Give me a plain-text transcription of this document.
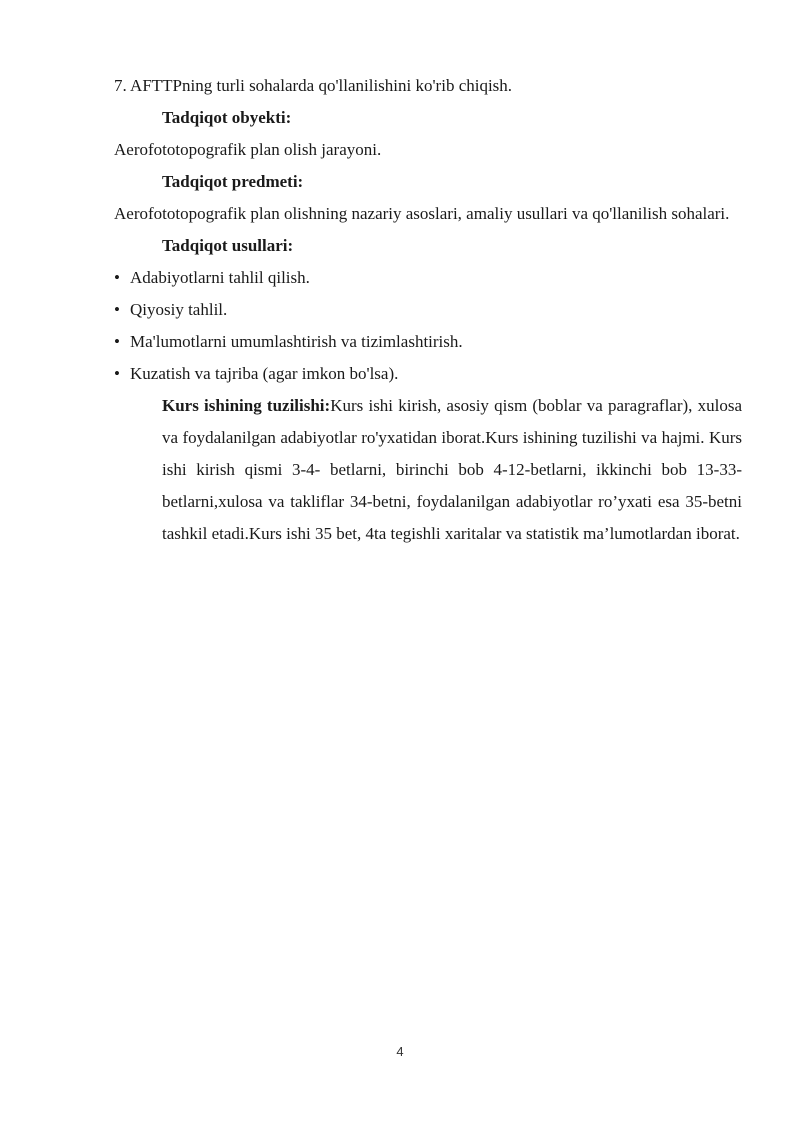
7. AFTTPning turli sohalarda qo'llanilishini ko'rib chiqish.

Tadqiqot obyekti:

Aerofototopografik plan olish jarayoni.

Tadqiqot predmeti:

Aerofototopografik plan olishning nazariy asoslari, amaliy usullari va qo'llanilish sohalari.

Tadqiqot usullari:

• Adabiyotlarni tahlil qilish.
• Qiyosiy tahlil.
• Ma'lumotlarni umumlashtirish va tizimlashtirish.
• Kuzatish va tajriba (agar imkon bo'lsa).

Kurs ishining tuzilishi:Kurs ishi kirish, asosiy qism (boblar va paragraflar), xulosa va foydalanilgan adabiyotlar ro'yxatidan iborat.Kurs ishining tuzilishi va hajmi. Kurs ishi kirish qismi 3-4- betlarni, birinchi bob 4-12-betlarni, ikkinchi bob 13-33-betlarni,xulosa va takliflar 34-betni, foydalanilgan adabiyotlar ro’yxati esa 35-betni tashkil etadi.Kurs ishi 35 bet, 4ta tegishli xaritalar va statistik ma’lumotlardan iborat.

4
